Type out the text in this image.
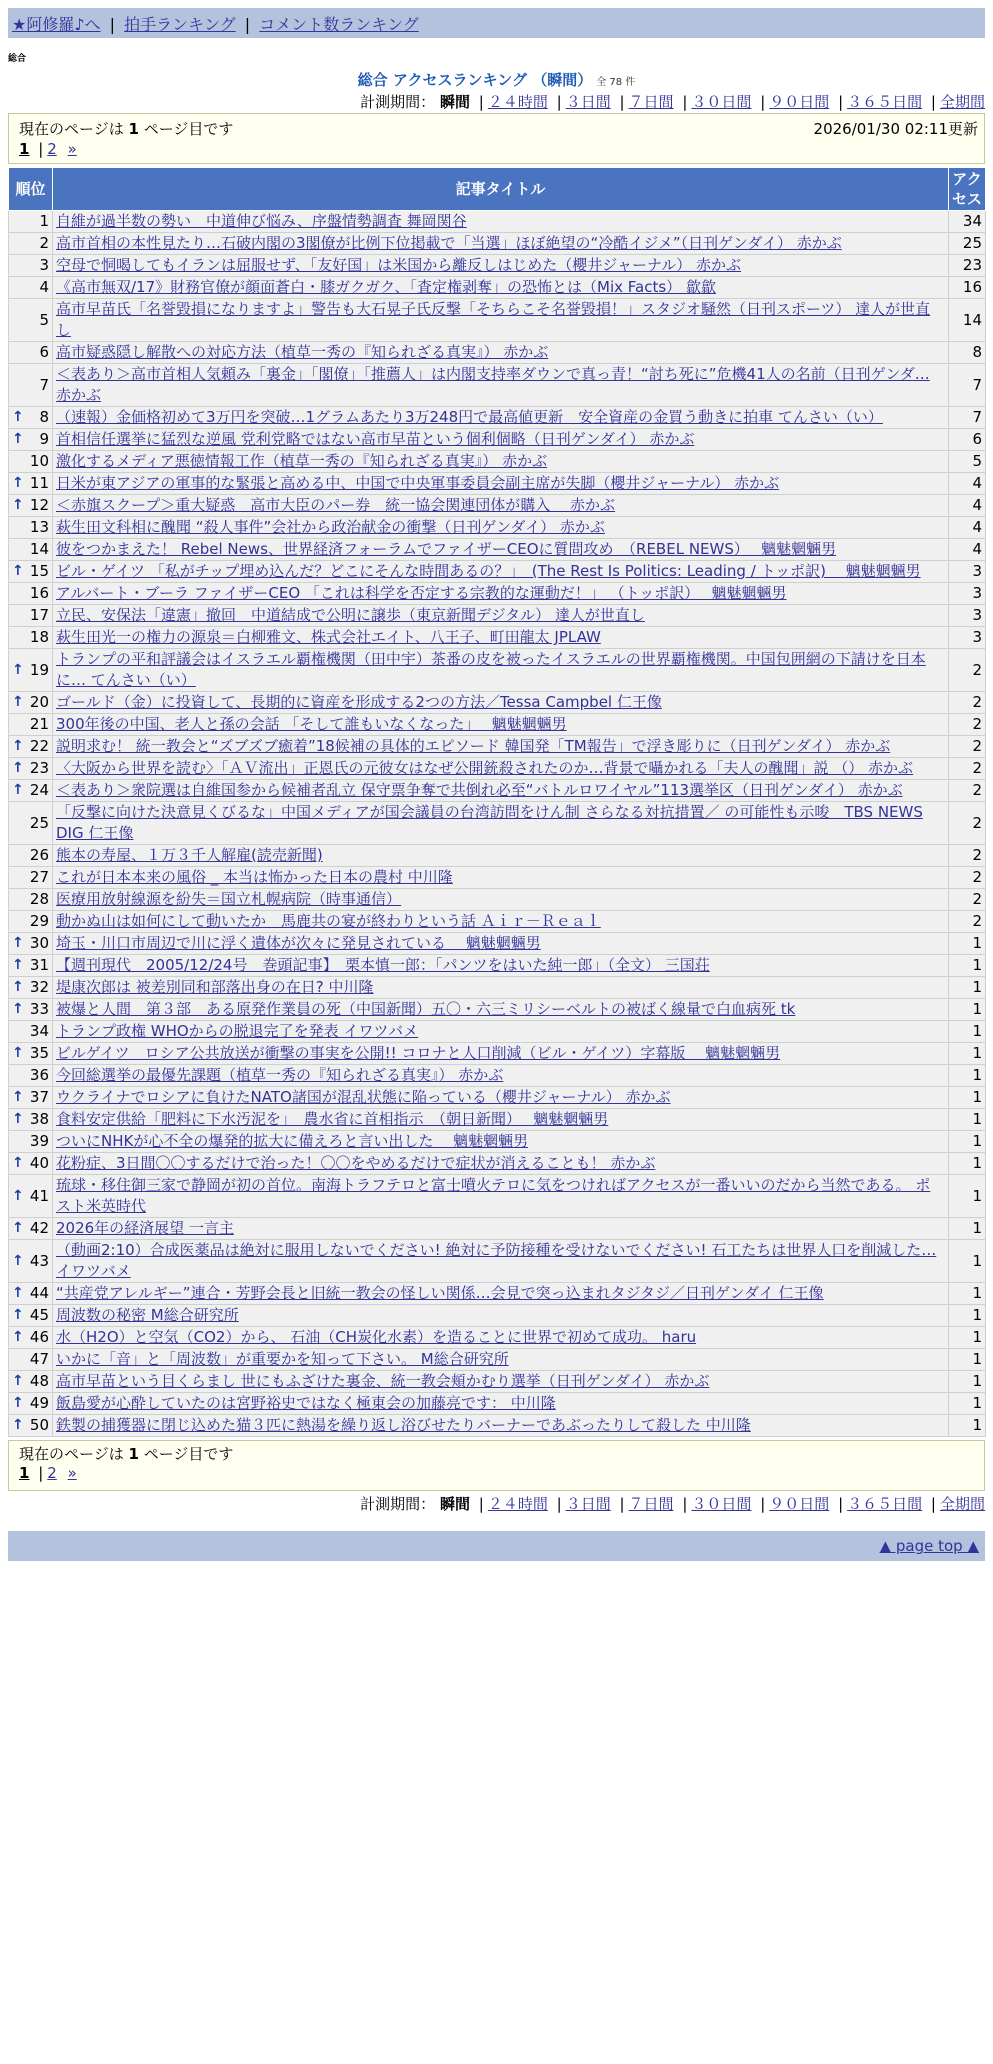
★阿修羅♪へ | 拍手ランキング | コメント数ランキング
総合
総合 アクセスランキング （瞬間） 全 78 件
計測期間： 瞬間 | ２４時間 | ３日間 | ７日間 | ３０日間 | ９０日間 | ３６５日間 | 全期間
現在のページは 1 ページ目です	2026/01/30 02:11更新
1 | 2 »
順位	記事タイトル	アクセス
1	自維が過半数の勢い　中道伸び悩み、序盤情勢調査 舞岡関谷	34
2	高市首相の本性見たり…石破内閣の3閣僚が比例下位掲載で「当選」ほぼ絶望の“冷酷イジメ”（日刊ゲンダイ） 赤かぶ	25
3	空母で恫喝してもイランは屈服せず、「友好国」は米国から離反しはじめた（櫻井ジャーナル） 赤かぶ	23
4	《高市無双/17》財務官僚が顔面蒼白・膝ガクガク、「査定権剥奪」の恐怖とは（Mix Facts） 歙歙	16
5	高市早苗氏「名誉毀損になりますよ」警告も大石晃子氏反撃「そちらこそ名誉毀損！」スタジオ騒然（日刊スポーツ） 達人が世直し	14
6	高市疑惑隠し解散への対応方法（植草一秀の『知られざる真実』） 赤かぶ	8
7	＜表あり＞高市首相人気頼み「裏金」「閣僚」「推薦人」は内閣支持率ダウンで真っ青！“討ち死に”危機41人の名前（日刊ゲンダ… 赤かぶ	7

↑ 8	（速報）金価格初めて3万円を突破…1グラムあたり3万248円で最高値更新　安全資産の金買う動きに拍車 てんさい（い）	7

↑ 9	首相信任選挙に猛烈な逆風 党利党略ではない高市早苗という個利個略（日刊ゲンダイ） 赤かぶ	6
10	激化するメディア悪徳情報工作（植草一秀の『知られざる真実』） 赤かぶ	5

↑ 11	日米が東アジアの軍事的な緊張と高める中、中国で中央軍事委員会副主席が失脚（櫻井ジャーナル） 赤かぶ	4

↑ 12	＜赤旗スクープ＞重大疑惑　高市大臣のパー券　統一協会関連団体が購入　 赤かぶ	4
13	萩生田文科相に醜聞 “殺人事件”会社から政治献金の衝撃（日刊ゲンダイ） 赤かぶ	4
14	彼をつかまえた！ Rebel News、世界経済フォーラムでファイザーCEOに質問攻め　（REBEL NEWS）　 魑魅魍魎男	4

↑ 15	ビル・ゲイツ 「私がチップ埋め込んだ？どこにそんな時間あるの？」　(The Rest Is Politics: Leading / トッポ訳)　 魑魅魍魎男	3
16	アルバート・ブーラ ファイザーCEO 「これは科学を否定する宗教的な運動だ！」 （トッポ訳）　 魑魅魍魎男	3
17	立民、安保法「違憲」撤回　中道結成で公明に譲歩（東京新聞デジタル） 達人が世直し	3
18	萩生田光一の権力の源泉＝白柳雅文、株式会社エイト、八王子、町田龍太 JPLAW	3

↑ 19	トランプの平和評議会はイスラエル覇権機関（田中宇）茶番の皮を被ったイスラエルの世界覇権機関。中国包囲網の下請けを日本に… てんさい（い）	2

↑ 20	ゴールド（金）に投資して、長期的に資産を形成する2つの方法／Tessa Campbel 仁王像	2
21	300年後の中国、老人と孫の会話 「そして誰もいなくなった」　 魑魅魍魎男	2

↑ 22	説明求む！ 統一教会と“ズブズブ癒着”18候補の具体的エピソード 韓国発「TM報告」で浮き彫りに（日刊ゲンダイ） 赤かぶ	2

↑ 23	〈大阪から世界を読む〉「ＡＶ流出」正恩氏の元彼女はなぜ公開銃殺されたのか…背景で囁かれる「夫人の醜聞」説 （） 赤かぶ	2

↑ 24	＜表あり＞衆院選は自維国参から候補者乱立 保守票争奪で共倒れ必至“バトルロワイヤル”113選挙区（日刊ゲンダイ） 赤かぶ	2
25	「反撃に向けた決意見くびるな」中国メディアが国会議員の台湾訪問をけん制 さらなる対抗措置／ の可能性も示唆　TBS NEWS DIG 仁王像	2
26	熊本の寿屋、１万３千人解雇(読売新聞)	2
27	これが日本本来の風俗 _ 本当は怖かった日本の農村 中川隆	2
28	医療用放射線源を紛失＝国立札幌病院（時事通信）	2
29	動かぬ山は如何にして動いたか　馬鹿共の宴が終わりという話 Ａｉｒ－Ｒｅａｌ	2

↑ 30	埼玉・川口市周辺で川に浮く遺体が次々に発見されている　 魑魅魍魎男	1

↑ 31	【週刊現代　2005/12/24号　巻頭記事】　栗本慎一郎：「パンツをはいた純一郎」（全文） 三国荘	1

↑ 32	堤康次郎は 被差別同和部落出身の在日? 中川隆	1

↑ 33	被爆と人間　第３部　ある原発作業員の死（中国新聞）五〇・六三ミリシーベルトの被ばく線量で白血病死 tk	1
34	トランプ政権 WHOからの脱退完了を発表 イワツバメ	1

↑ 35	ビルゲイツ　ロシア公共放送が衝撃の事実を公開!! コロナと人口削減（ビル・ゲイツ）字幕版　 魑魅魍魎男	1
36	今回総選挙の最優先課題（植草一秀の『知られざる真実』） 赤かぶ	1

↑ 37	ウクライナでロシアに負けたNATO諸国が混乱状態に陥っている（櫻井ジャーナル） 赤かぶ	1

↑ 38	食料安定供給「肥料に下水汚泥を」　農水省に首相指示　（朝日新聞）　 魑魅魍魎男	1
39	ついにNHKが心不全の爆発的拡大に備えろと言い出した　 魑魅魍魎男	1

↑ 40	花粉症、3日間〇〇するだけで治った！〇〇をやめるだけで症状が消えることも！ 赤かぶ	1

↑ 41	琉球・移住御三家で静岡が初の首位。南海トラフテロと富士噴火テロに気をつければアクセスが一番いいのだから当然である。 ポスト米英時代	1

↑ 42	2026年の経済展望 一言主	1

↑ 43	（動画2:10）合成医薬品は絶対に服用しないでください! 絶対に予防接種を受けないでください! 石工たちは世界人口を削減した… イワツバメ	1

↑ 44	“共産党アレルギー”連合・芳野会長と旧統一教会の怪しい関係…会見で突っ込まれタジタジ／日刊ゲンダイ 仁王像	1

↑ 45	周波数の秘密 M総合研究所	1

↑ 46	水（H2O）と空気（CO2）から、 石油（CH炭化水素）を造ることに世界で初めて成功。 haru	1
47	いかに「音」と「周波数」が重要かを知って下さい。 M総合研究所	1

↑ 48	高市早苗という目くらまし 世にもふざけた裏金、統一教会頬かむり選挙（日刊ゲンダイ） 赤かぶ	1

↑ 49	飯島愛が心酔していたのは宮野裕史ではなく極東会の加藤亮です： 中川隆	1

↑ 50	鉄製の捕獲器に閉じ込めた猫３匹に熱湯を繰り返し浴びせたりバーナーであぶったりして殺した 中川隆	1
現在のページは 1 ページ目です
1 | 2 »
計測期間： 瞬間 | ２４時間 | ３日間 | ７日間 | ３０日間 | ９０日間 | ３６５日間 | 全期間
▲ page top ▲
